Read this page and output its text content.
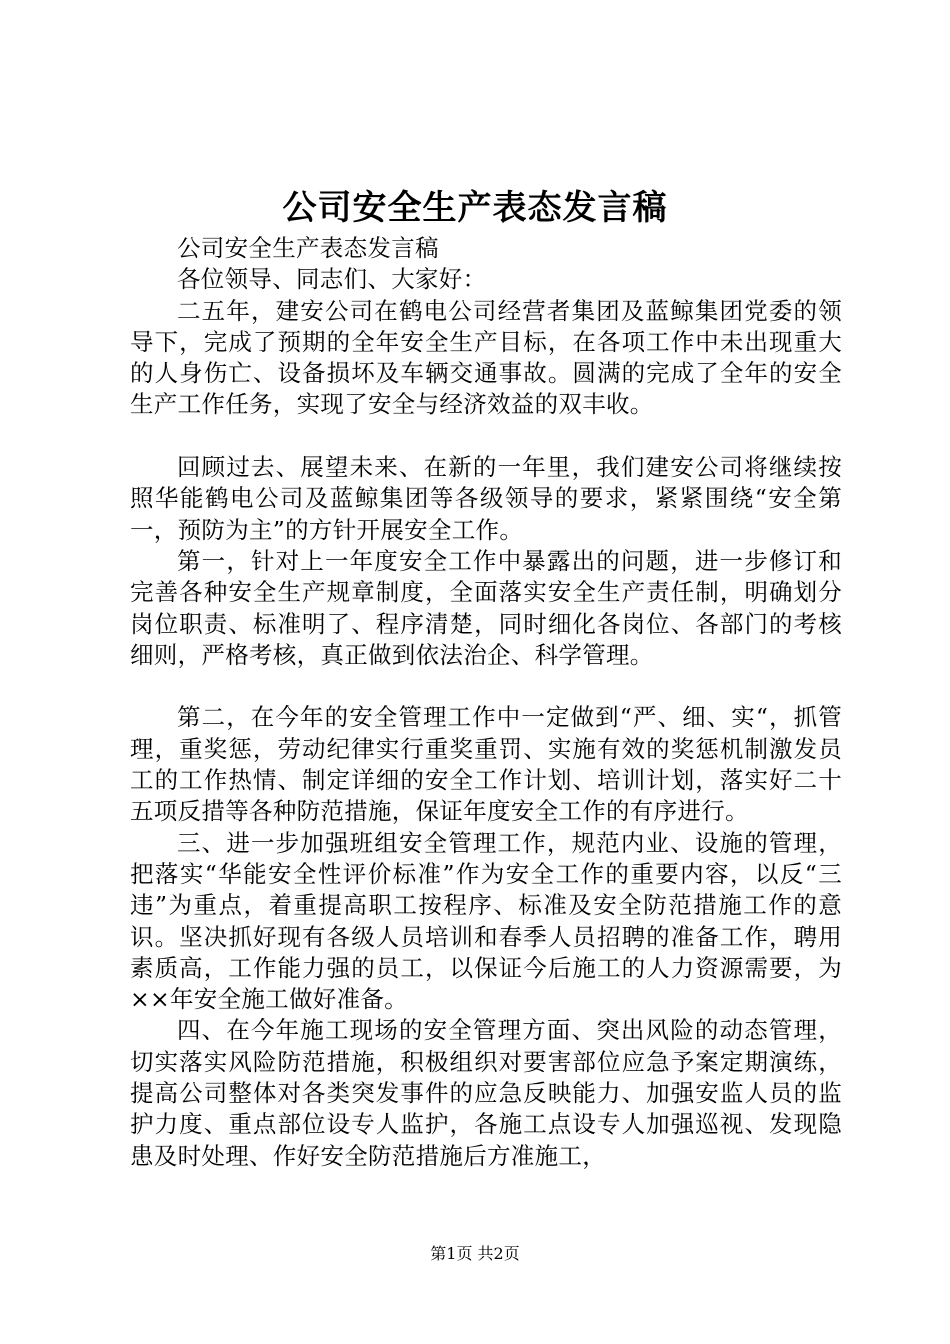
公司安全生产表态发言稿

公司安全生产表态发言稿

各位领导、同志们、大家好：

二五年，建安公司在鹤电公司经营者集团及蓝鲸集团党委的领导下，完成了预期的全年安全生产目标，在各项工作中未出现重大的人身伤亡、设备损坏及车辆交通事故。圆满的完成了全年的安全生产工作任务，实现了安全与经济效益的双丰收。

回顾过去、展望未来、在新的一年里，我们建安公司将继续按照华能鹤电公司及蓝鲸集团等各级领导的要求，紧紧围绕“安全第一，预防为主”的方针开展安全工作。

第一，针对上一年度安全工作中暴露出的问题，进一步修订和完善各种安全生产规章制度，全面落实安全生产责任制，明确划分岗位职责、标准明了、程序清楚，同时细化各岗位、各部门的考核细则，严格考核，真正做到依法治企、科学管理。

第二，在今年的安全管理工作中一定做到“严、细、实“，抓管理，重奖惩，劳动纪律实行重奖重罚、实施有效的奖惩机制激发员工的工作热情、制定详细的安全工作计划、培训计划，落实好二十五项反措等各种防范措施，保证年度安全工作的有序进行。

三、进一步加强班组安全管理工作，规范内业、设施的管理，把落实“华能安全性评价标准”作为安全工作的重要内容，以反“三违”为重点，着重提高职工按程序、标准及安全防范措施工作的意识。坚决抓好现有各级人员培训和春季人员招聘的准备工作，聘用素质高，工作能力强的员工，以保证今后施工的人力资源需要，为××年安全施工做好准备。

四、在今年施工现场的安全管理方面、突出风险的动态管理，切实落实风险防范措施，积极组织对要害部位应急予案定期演练，提高公司整体对各类突发事件的应急反映能力、加强安监人员的监护力度、重点部位设专人监护，各施工点设专人加强巡视、发现隐患及时处理、作好安全防范措施后方准施工，

第1页 共2页
